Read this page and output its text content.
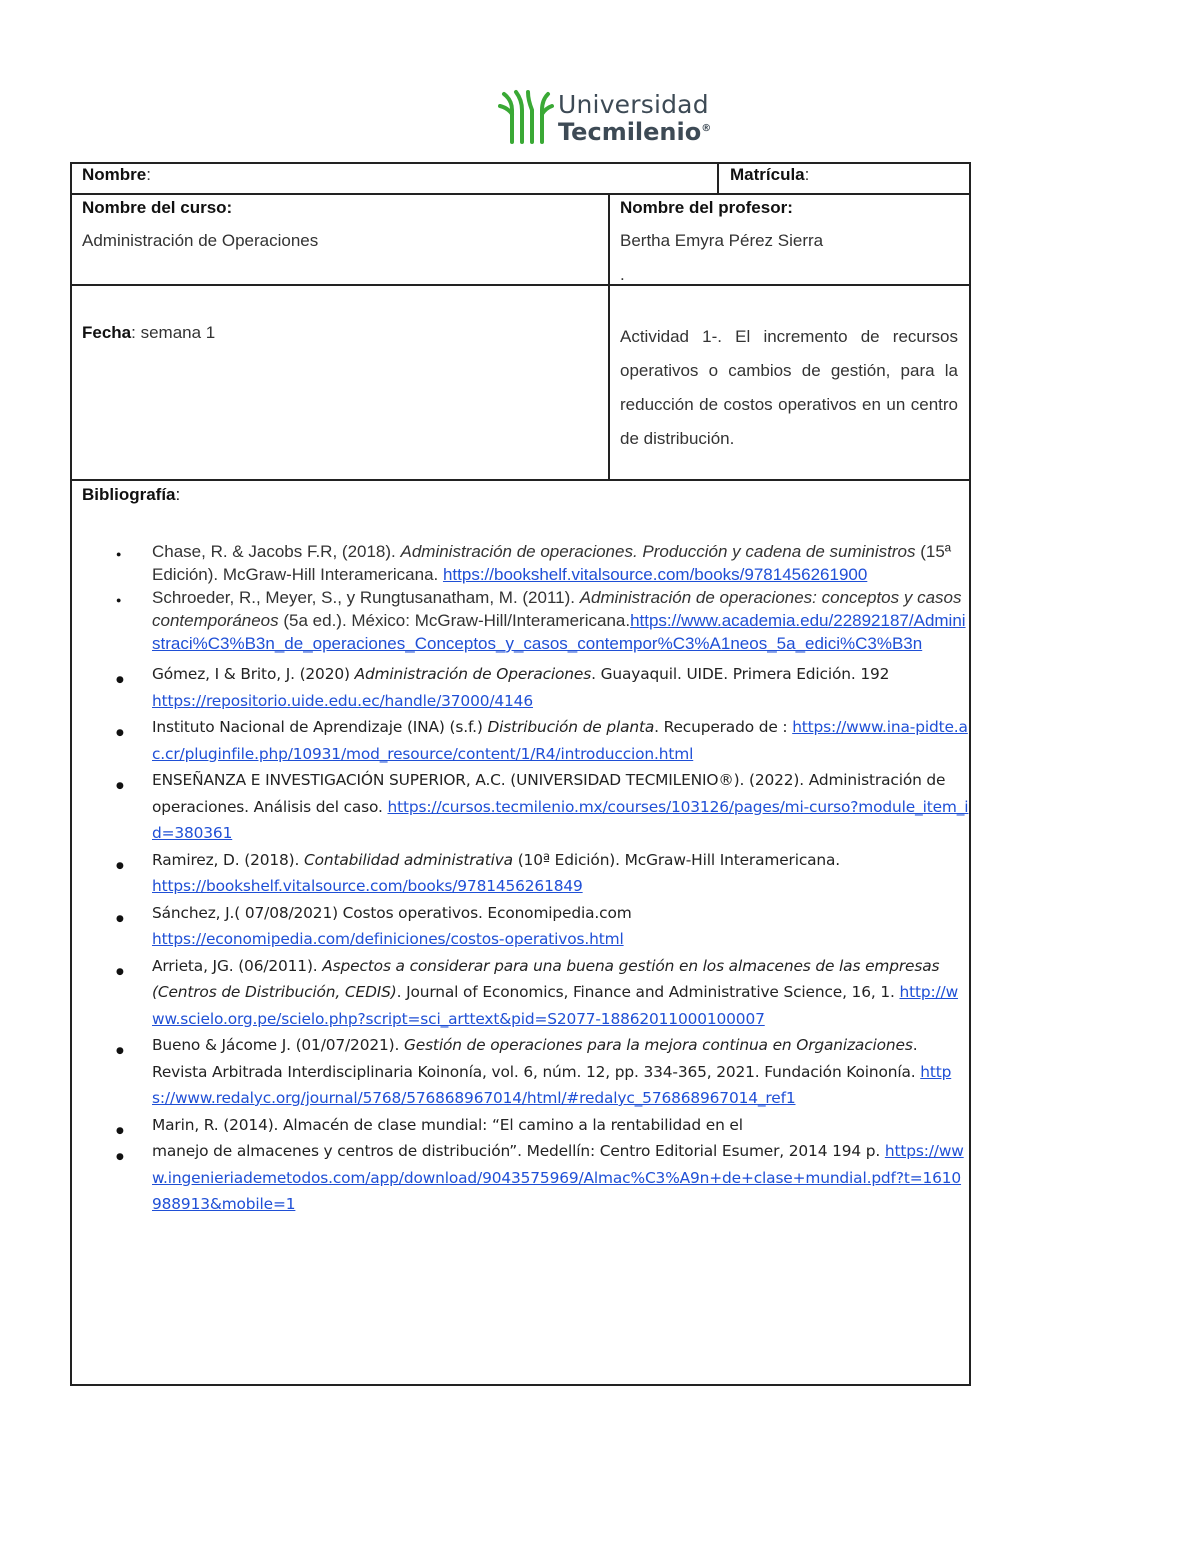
Universidad
Tecmilenio®
Nombre:	Matrícula:
Nombre del curso:
Administración de Operaciones
Nombre del profesor:
Bertha Emyra Pérez Sierra
.
Fecha: semana 1	Actividad 1-. El incremento de recursos operativos o cambios de gestión, para la reducción de costos operativos en un centro de distribución.
Bibliografía:
● Chase, R. & Jacobs F.R, (2018). Administración de operaciones. Producción y cadena de suministros (15ª Edición). McGraw-Hill Interamericana. https://bookshelf.vitalsource.com/books/9781456261900
● Schroeder, R., Meyer, S., y Rungtusanatham, M. (2011). Administración de operaciones: conceptos y casos contemporáneos (5a ed.). México: McGraw-Hill/Interamericana.https://www.academia.edu/22892187/Administraci%C3%B3n_de_operaciones_Conceptos_y_casos_contempor%C3%A1neos_5a_edici%C3%B3n
● Gómez, I & Brito, J. (2020) Administración de Operaciones. Guayaquil. UIDE. Primera Edición. 192 https://repositorio.uide.edu.ec/handle/37000/4146
● Instituto Nacional de Aprendizaje (INA) (s.f.) Distribución de planta. Recuperado de : https://www.ina-pidte.ac.cr/pluginfile.php/10931/mod_resource/content/1/R4/introduccion.html
● ENSEÑANZA E INVESTIGACIÓN SUPERIOR, A.C. (UNIVERSIDAD TECMILENIO®). (2022). Administración de operaciones. Análisis del caso. https://cursos.tecmilenio.mx/courses/103126/pages/mi-curso?module_item_id=380361
● Ramirez, D. (2018). Contabilidad administrativa (10ª Edición). McGraw-Hill Interamericana. https://bookshelf.vitalsource.com/books/9781456261849
● Sánchez, J.( 07/08/2021) Costos operativos. Economipedia.com https://economipedia.com/definiciones/costos-operativos.html
● Arrieta, JG. (06/2011). Aspectos a considerar para una buena gestión en los almacenes de las empresas (Centros de Distribución, CEDIS). Journal of Economics, Finance and Administrative Science, 16, 1. http://www.scielo.org.pe/scielo.php?script=sci_arttext&pid=S2077-18862011000100007
● Bueno & Jácome J. (01/07/2021). Gestión de operaciones para la mejora continua en Organizaciones. Revista Arbitrada Interdisciplinaria Koinonía, vol. 6, núm. 12, pp. 334-365, 2021. Fundación Koinonía. https://www.redalyc.org/journal/5768/576868967014/html/#redalyc_576868967014_ref1
● Marin, R. (2014). Almacén de clase mundial: “El camino a la rentabilidad en el
● manejo de almacenes y centros de distribución”. Medellín: Centro Editorial Esumer, 2014 194 p. https://www.ingenieriademetodos.com/app/download/9043575969/Almac%C3%A9n+de+clase+mundial.pdf?t=1610988913&mobile=1
